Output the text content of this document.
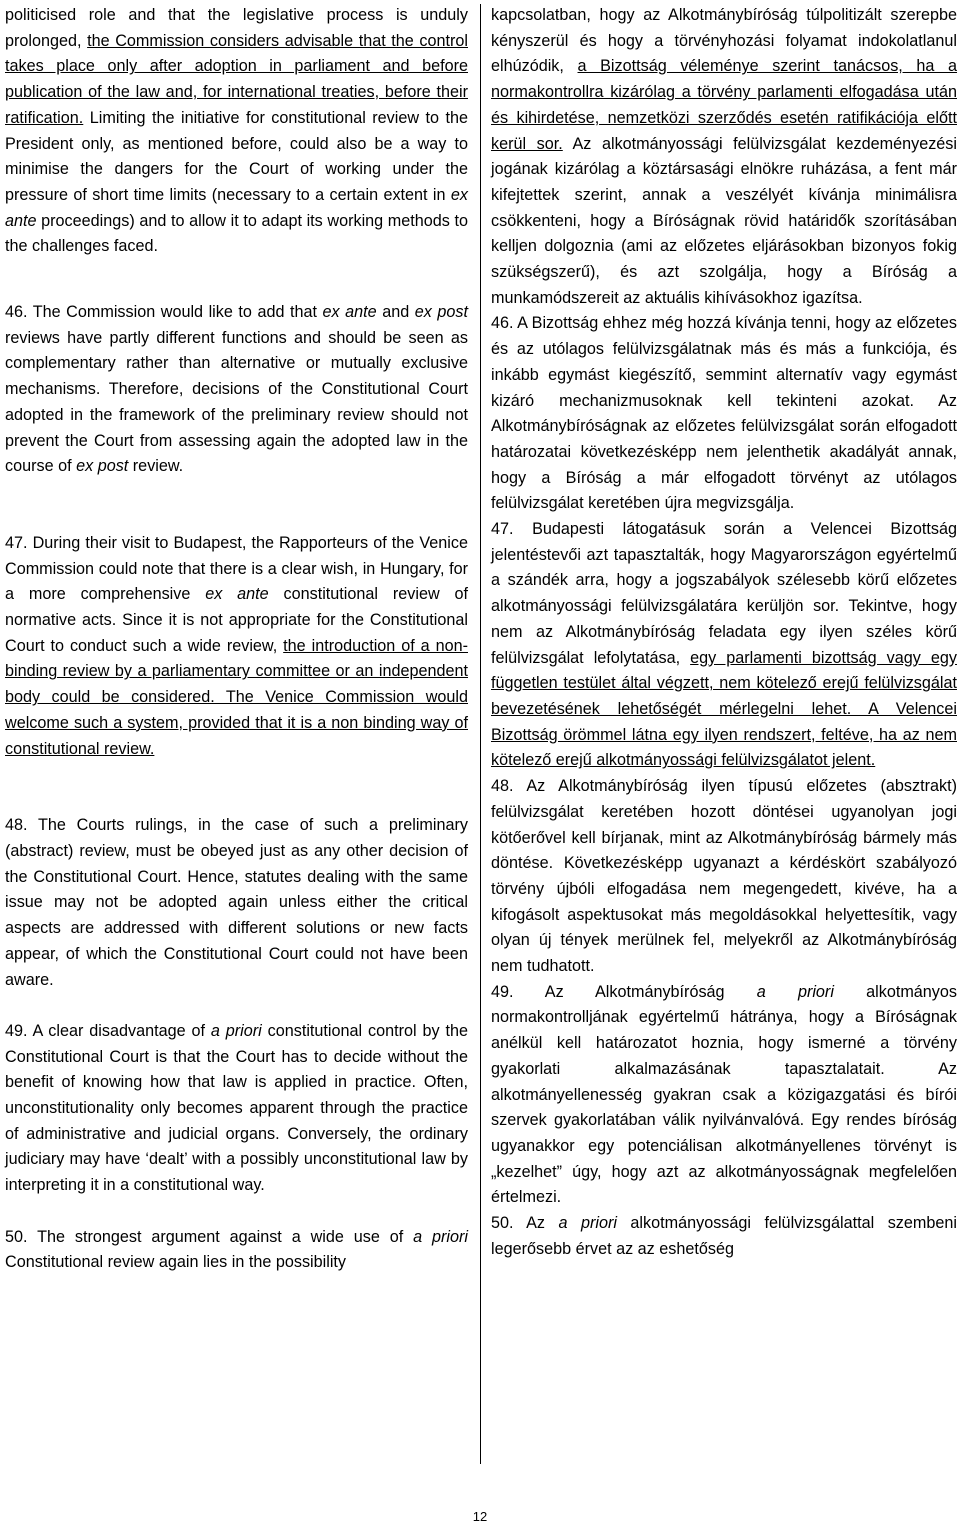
politicised role and that the legislative process is unduly prolonged, the Commission considers advisable that the control takes place only after adoption in parliament and before publication of the law and, for international treaties, before their ratification. Limiting the initiative for constitutional review to the President only, as mentioned before, could also be a way to minimise the dangers for the Court of working under the pressure of short time limits (necessary to a certain extent in ex ante proceedings) and to allow it to adapt its working methods to the challenges faced.

46. The Commission would like to add that ex ante and ex post reviews have partly different functions and should be seen as complementary rather than alternative or mutually exclusive mechanisms. Therefore, decisions of the Constitutional Court adopted in the framework of the preliminary review should not prevent the Court from assessing again the adopted law in the course of ex post review.

47. During their visit to Budapest, the Rapporteurs of the Venice Commission could note that there is a clear wish, in Hungary, for a more comprehensive ex ante constitutional review of normative acts. Since it is not appropriate for the Constitutional Court to conduct such a wide review, the introduction of a non-binding review by a parliamentary committee or an independent body could be considered. The Venice Commission would welcome such a system, provided that it is a non binding way of constitutional review.

48. The Courts rulings, in the case of such a preliminary (abstract) review, must be obeyed just as any other decision of the Constitutional Court. Hence, statutes dealing with the same issue may not be adopted again unless either the critical aspects are addressed with different solutions or new facts appear, of which the Constitutional Court could not have been aware.

49. A clear disadvantage of a priori constitutional control by the Constitutional Court is that the Court has to decide without the benefit of knowing how that law is applied in practice. Often, unconstitutionality only becomes apparent through the practice of administrative and judicial organs. Conversely, the ordinary judiciary may have ‘dealt’ with a possibly unconstitutional law by interpreting it in a constitutional way.

50. The strongest argument against a wide use of a priori Constitutional review again lies in the possibility

kapcsolatban, hogy az Alkotmánybíróság túlpolitizált szerepbe kényszerül és hogy a törvényhozási folyamat indokolatlanul elhúzódik, a Bizottság véleménye szerint tanácsos, ha a normakontrollra kizárólag a törvény parlamenti elfogadása után és kihirdetése, nemzetközi szerződés esetén ratifikációja előtt kerül sor. Az alkotmányossági felülvizsgálat kezdeményezési jogának kizárólag a köztársasági elnökre ruházása, a fent már kifejtettek szerint, annak a veszélyét kívánja minimálisra csökkenteni, hogy a Bíróságnak rövid határidők szorításában kelljen dolgoznia (ami az előzetes eljárásokban bizonyos fokig szükségszerű), és azt szolgálja, hogy a Bíróság a munkamódszereit az aktuális kihívásokhoz igazítsa.

46. A Bizottság ehhez még hozzá kívánja tenni, hogy az előzetes és az utólagos felülvizsgálatnak más és más a funkciója, és inkább egymást kiegészítő, semmint alternatív vagy egymást kizáró mechanizmusoknak kell tekinteni azokat. Az Alkotmánybíróságnak az előzetes felülvizsgálat során elfogadott határozatai következésképp nem jelenthetik akadályát annak, hogy a Bíróság a már elfogadott törvényt az utólagos felülvizsgálat keretében újra megvizsgálja.

47. Budapesti látogatásuk során a Velencei Bizottság jelentéstevői azt tapasztalták, hogy Magyarországon egyértelmű a szándék arra, hogy a jogszabályok szélesebb körű előzetes alkotmányossági felülvizsgálatára kerüljön sor. Tekintve, hogy nem az Alkotmánybíróság feladata egy ilyen széles körű felülvizsgálat lefolytatása, egy parlamenti bizottság vagy egy független testület által végzett, nem kötelező erejű felülvizsgálat bevezetésének lehetőségét mérlegelni lehet. A Velencei Bizottság örömmel látna egy ilyen rendszert, feltéve, ha az nem kötelező erejű alkotmányossági felülvizsgálatot jelent.

48. Az Alkotmánybíróság ilyen típusú előzetes (absztrakt) felülvizsgálat keretében hozott döntései ugyanolyan jogi kötőerővel kell bírjanak, mint az Alkotmánybíróság bármely más döntése. Következésképp ugyanazt a kérdéskört szabályozó törvény újbóli elfogadása nem megengedett, kivéve, ha a kifogásolt aspektusokat más megoldásokkal helyettesítik, vagy olyan új tények merülnek fel, melyekről az Alkotmánybíróság nem tudhatott.

49. Az Alkotmánybíróság a priori alkotmányos normakontrolljának egyértelmű hátránya, hogy a Bíróságnak anélkül kell határozatot hoznia, hogy ismerné a törvény gyakorlati alkalmazásának tapasztalatait. Az alkotmányellenesség gyakran csak a közigazgatási és bírói szervek gyakorlatában válik nyilvánvalóvá. Egy rendes bíróság ugyanakkor egy potenciálisan alkotmányellenes törvényt is „kezelhet” úgy, hogy azt az alkotmányosságnak megfelelően értelmezi.

50. Az a priori alkotmányossági felülvizsgálattal szembeni legerősebb érvet az az eshetőség

12
